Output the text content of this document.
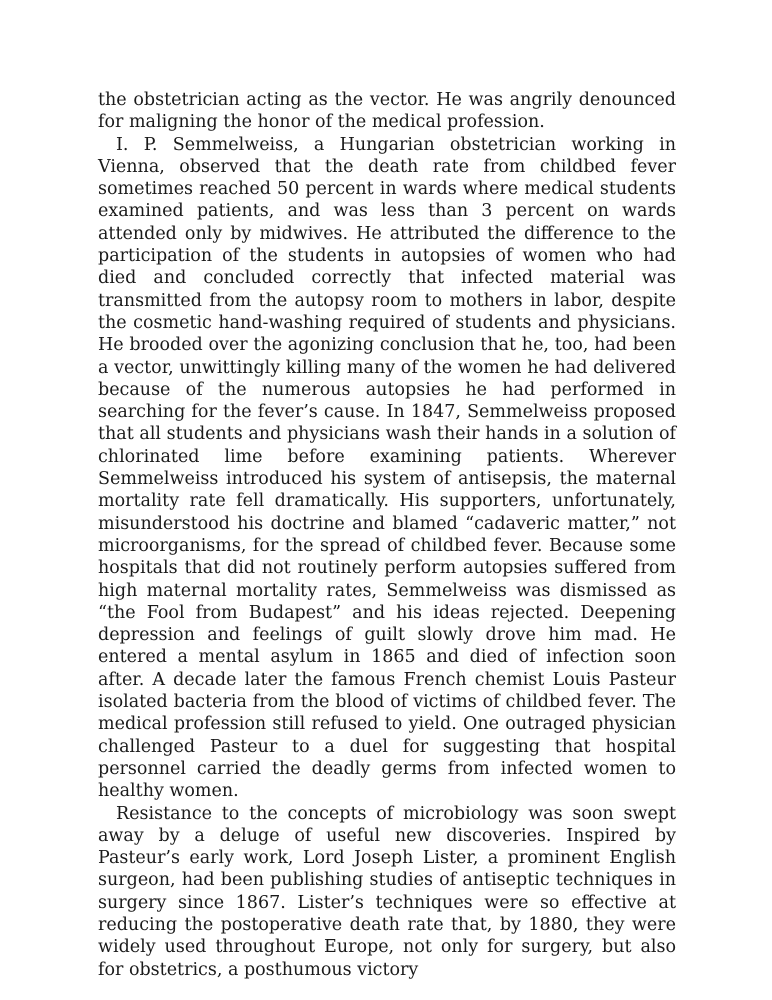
the obstetrician acting as the vector. He was angrily denounced for maligning the honor of the medical profession.

I. P. Semmelweiss, a Hungarian obstetrician working in Vienna, observed that the death rate from childbed fever sometimes reached 50 percent in wards where medical students examined patients, and was less than 3 percent on wards attended only by midwives. He attributed the difference to the participation of the students in autopsies of women who had died and concluded correctly that infected material was transmitted from the autopsy room to mothers in labor, despite the cosmetic hand-washing required of students and physicians. He brooded over the agonizing conclusion that he, too, had been a vector, unwittingly killing many of the women he had delivered because of the numerous autopsies he had performed in searching for the fever’s cause. In 1847, Semmelweiss proposed that all students and physicians wash their hands in a solution of chlorinated lime before examining patients. Wherever Semmelweiss introduced his system of antisepsis, the maternal mortality rate fell dramatically. His supporters, unfortunately, misunderstood his doctrine and blamed “cadaveric matter,” not microorganisms, for the spread of childbed fever. Because some hospitals that did not routinely perform autopsies suffered from high maternal mortality rates, Semmelweiss was dismissed as “the Fool from Budapest” and his ideas rejected. Deepening depression and feelings of guilt slowly drove him mad. He entered a mental asylum in 1865 and died of infection soon after. A decade later the famous French chemist Louis Pasteur isolated bacteria from the blood of victims of childbed fever. The medical profession still refused to yield. One outraged physician challenged Pasteur to a duel for suggesting that hospital personnel carried the deadly germs from infected women to healthy women.

Resistance to the concepts of microbiology was soon swept away by a deluge of useful new discoveries. Inspired by Pasteur’s early work, Lord Joseph Lister, a prominent English surgeon, had been publishing studies of antiseptic techniques in surgery since 1867. Lister’s techniques were so effective at reducing the postoperative death rate that, by 1880, they were widely used throughout Europe, not only for surgery, but also for obstetrics, a posthumous victory
